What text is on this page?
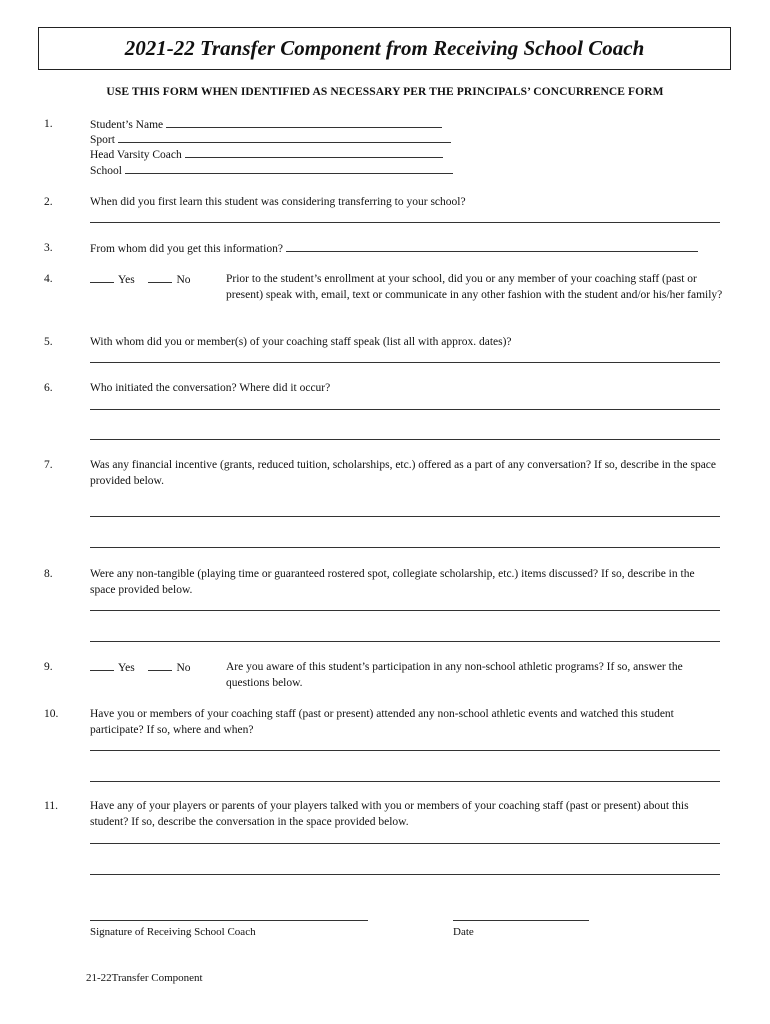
2021-22 Transfer Component from Receiving School Coach
USE THIS FORM WHEN IDENTIFIED AS NECESSARY PER THE PRINCIPALS’ CONCURRENCE FORM
1.	Student’s Name
Sport
Head Varsity Coach
School
2.	When did you first learn this student was considering transferring to your school?
3.	From whom did you get this information?
4.	Yes	No	Prior to the student’s enrollment at your school, did you or any member of your coaching staff (past or present) speak with, email, text or communicate in any other fashion with the student and/or his/her family?
5.	With whom did you or member(s) of your coaching staff speak (list all with approx. dates)?
6.	Who initiated the conversation? Where did it occur?
7.	Was any financial incentive (grants, reduced tuition, scholarships, etc.) offered as a part of any conversation? If so, describe in the space provided below.
8.	Were any non-tangible (playing time or guaranteed rostered spot, collegiate scholarship, etc.) items discussed? If so, describe in the space provided below.
9.	Yes	No	Are you aware of this student’s participation in any non-school athletic programs? If so, answer the questions below.
10.	Have you or members of your coaching staff (past or present) attended any non-school athletic events and watched this student participate? If so, where and when?
11.	Have any of your players or parents of your players talked with you or members of your coaching staff (past or present) about this student? If so, describe the conversation in the space provided below.
Signature of Receiving School Coach	Date
21-22Transfer Component
